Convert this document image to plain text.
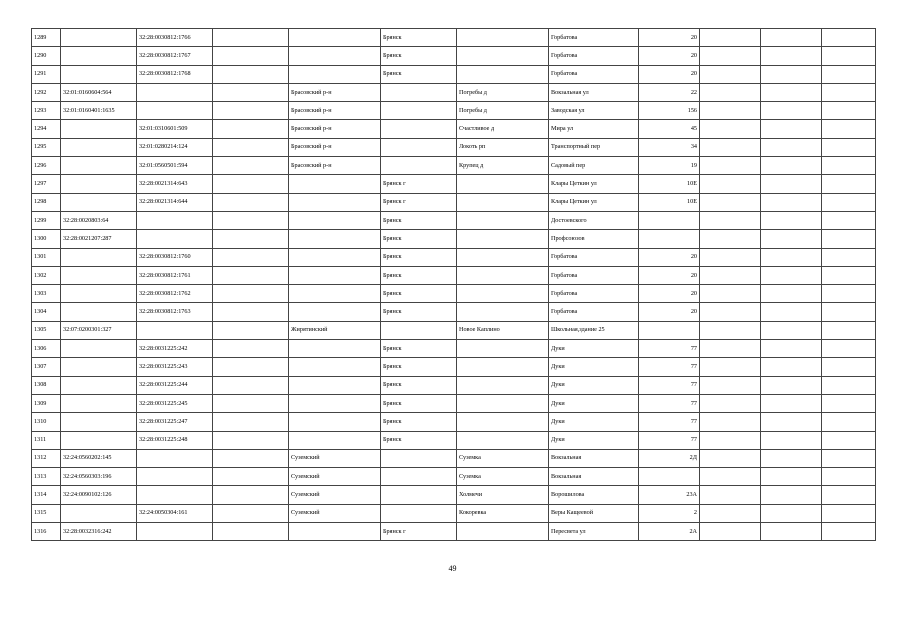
1289		32:28:0030812:1766			Брянск		Горбатова	20			
1290		32:28:0030812:1767			Брянск		Горбатова	20			
1291		32:28:0030812:1768			Брянск		Горбатова	20			
1292	32:01:0160604:564			Брасовский р-н		Погребы д	Вокзальная ул	22			
1293	32:01:0160401:1635			Брасовский р-н		Погребы д	Заводская ул	156			
1294		32:01:0310601:509		Брасовский р-н		Счастливое д	Мира ул	45			
1295		32:01:0280214:124		Брасовский р-н		Локоть рп	Транспортный пер	34			
1296		32:01:0560501:594		Брасовский р-н		Крупец д	Садовый пер	19			
1297		32:28:0021314:643			Брянск г		Клары Цеткин ул	10Е			
1298		32:28:0021314:644			Брянск г		Клары Цеткин ул	10Е			
1299	32:28:0020803:64				Брянск		Достоевского				
1300	32:28:0021207:287				Брянск		Профсоюзов				
1301		32:28:0030812:1760			Брянск		Горбатова	20			
1302		32:28:0030812:1761			Брянск		Горбатова	20			
1303		32:28:0030812:1762			Брянск		Горбатова	20			
1304		32:28:0030812:1763			Брянск		Горбатова	20			
1305	32:07:0200301:327			Жирятинский		Новое Каплино	Школьная,здание 25				
1306		32:28:0031225:242			Брянск		Дуки	77			
1307		32:28:0031225:243			Брянск		Дуки	77			
1308		32:28:0031225:244			Брянск		Дуки	77			
1309		32:28:0031225:245			Брянск		Дуки	77			
1310		32:28:0031225:247			Брянск		Дуки	77			
1311		32:28:0031225:248			Брянск		Дуки	77			
1312	32:24:0560202:145			Суземский		Суземка	Вокзальная	2Д			
1313	32:24:0560303:196			Суземский		Суземка	Вокзальная				
1314	32:24:0090102:126			Суземский		Холмечи	Ворошилова	23А			
1315		32:24:0050304:161		Суземский		Кокоревка	Веры Кащеевой	2			
1316	32:28:0032316:242				Брянск г		Пересвета ул	2А			
49
